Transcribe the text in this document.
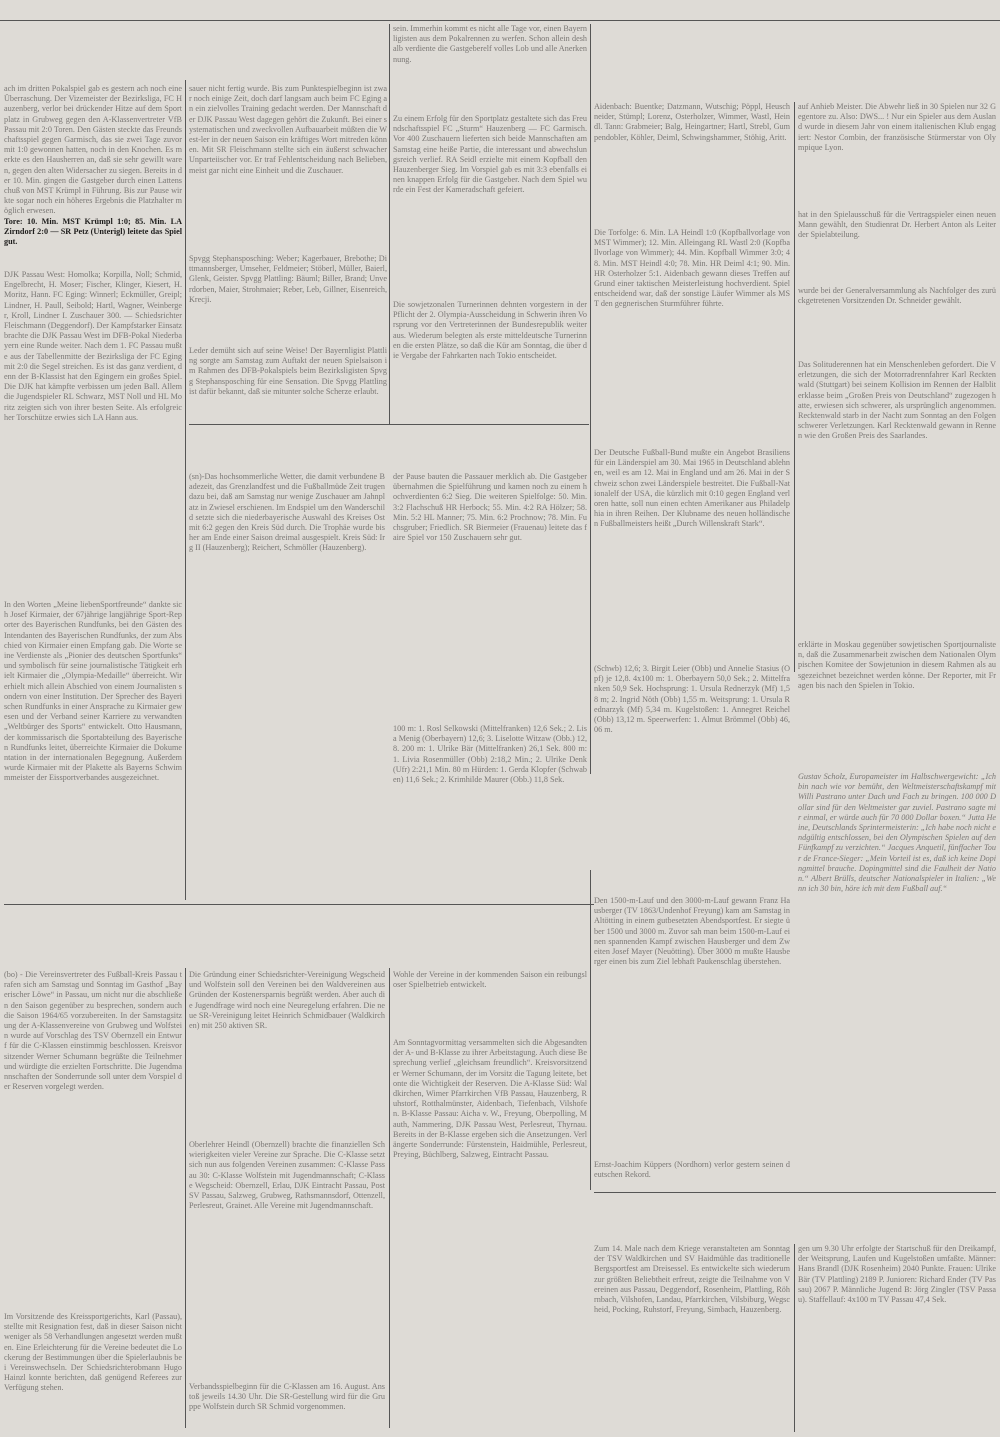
ach im dritten Pokalspiel gab es gestern ach noch eine Überraschung. Der Vizemeister der Bezirksliga, FC Hauzenberg, verlor bei drückender Hitze auf dem Sportplatz in Grubweg gegen den A-Klassenvertreter VfB Passau mit 2:0 Toren. Den Gästen steckte das Freundschaftsspiel gegen Garmisch, das sie zwei Tage zuvor mit 1:0 gewonnen hatten, noch in den Knochen. Es merkte es den Hausherren an, daß sie sehr gewillt waren, gegen den alten Widersacher zu siegen. Bereits in der 10. Min. gingen die Gastgeber durch einen Lattenschuß von MST Krümpl in Führung. Bis zur Pause wirkte sogar noch ein höheres Ergebnis die Platzhalter möglich erwesen.
Tore: 10. Min. MST Krümpl 1:0; 85. Min. LA Zirndorf 2:0 — SR Petz (Unterigl) leitete das Spiel gut.
DJK Passau West: Homolka; Korpilla, Noll; Schmid, Engelbrecht, H. Moser; Fischer, Klinger, Kiesert, H. Moritz, Hann. FC Eging: Winnerl; Eckmüller, Greipl; Lindner, H. Paull, Seibold; Hartl, Wagner, Weinberger, Kroll, Lindner I. Zuschauer 300. — Schiedsrichter Fleischmann (Deggendorf). Der Kampfstarker Einsatz brachte die DJK Passau West im DFB-Pokal Niederbayern eine Runde weiter. Nach dem 1. FC Passau mußte aus der Tabellenmitte der Bezirksliga der FC Eging mit 2:0 die Segel streichen. Es ist das ganz verdient, denn der B-Klassist hat den Egingern ein großes Spiel. Die DJK hat kämpfte verbissen um jeden Ball. Allem die Jugendspieler RL Schwarz, MST Noll und HL Moritz zeigten sich von ihrer besten Seite. Als erfolgreicher Torschütze erwies sich LA Hann aus.
In den Worten „Meine liebenSportfreunde“ dankte sich Josef Kirmaier, der 67jährige langjährige Sport-Reporter des Bayerischen Rundfunks, bei den Gästen des Intendanten des Bayerischen Rundfunks, der zum Abschied von Kirmaier einen Empfang gab. Die Worte seine Verdienste als „Pionier des deutschen Sportfunks“ und symbolisch für seine journalistische Tätigkeit erhielt Kirmaier die „Olympia-Medaille“ überreicht. Wir erhielt mich allein Abschied von einem Journalisten sondern von einer Institution. Der Sprecher des Bayerischen Rundfunks in einer Ansprache zu Kirmaier gewesen und der Verband seiner Karriere zu verwandten „Weltbürger des Sports“ entwickelt. Otto Hausmann, der kommissarisch die Sportabteilung des Bayerischen Rundfunks leitet, überreichte Kirmaier die Dokumentation in der internationalen Begegnung. Außerdem wurde Kirmaier mit der Plakette als Bayerns Schwimmmeister der Eissportverbandes ausgezeichnet.
sauer nicht fertig wurde. Bis zum Punktespielbeginn ist zwar noch einige Zeit, doch darf langsam auch beim FC Eging an ein zielvolles Training gedacht werden. Der Mannschaft der DJK Passau West dagegen gehört die Zukunft. Bei einer systematischen und zweckvollen Aufbauarbeit müßten die West-ler in der neuen Saison ein kräftiges Wort mitreden können. Mit SR Fleischmann stellte sich ein äußerst schwacher Unparteiischer vor. Er traf Fehlentscheidung nach Belieben, meist gar nicht eine Einheit und die Zuschauer.
Spvgg Stephansposching: Weber; Kagerbauer, Brebothe; Dittmannsberger, Umseher, Feldmeier; Stöberl, Müller, Baierl, Glenk, Geister. Spvgg Plattling: Bäuml; Biller, Brand; Unverdorben, Maier, Strohmaier; Reber, Leb, Gillner, Eisenreich, Krecji.
Leder demüht sich auf seine Weise! Der Bayernligist Plattling sorgte am Samstag zum Auftakt der neuen Spielsaison im Rahmen des DFB-Pokalspiels beim Bezirksligisten Spvgg Stephansposching für eine Sensation. Die Spvgg Plattling ist dafür bekannt, daß sie mitunter solche Scherze erlaubt.
sein. Immerhin kommt es nicht alle Tage vor, einen Bayernligisten aus dem Pokalrennen zu werfen. Schon allein deshalb verdiente die Gastgeberelf volles Lob und alle Anerkennung.
Zu einem Erfolg für den Sportplatz gestaltete sich das Freundschaftsspiel FC „Sturm“ Hauzenberg — FC Garmisch. Vor 400 Zuschauern lieferten sich beide Mannschaften am Samstag eine heiße Partie, die interessant und abwechslungsreich verlief. RA Seidl erzielte mit einem Kopfball den Hauzenberger Sieg. Im Vorspiel gab es mit 3:3 ebenfalls einen knappen Erfolg für die Gastgeber. Nach dem Spiel wurde ein Fest der Kameradschaft gefeiert.
Die sowjetzonalen Turnerinnen dehnten vorgestern in der Pflicht der 2. Olympia-Ausscheidung in Schwerin ihren Vorsprung vor den Vertreterinnen der Bundesrepublik weiter aus. Wiederum belegten als erste mitteldeutsche Turnerinnen die ersten Plätze, so daß die Kür am Sonntag, die über die Vergabe der Fahrkarten nach Tokio entscheidet.
Aidenbach: Buentke; Datzmann, Wutschig; Pöppl, Heuschneider, Stümpl; Lorenz, Osterholzer, Wimmer, Wastl, Heindl. Tann: Grabmeier; Balg, Heingartner; Hartl, Strebl, Gumpendobler, Köhler, Deiml, Schwingshammer, Stöhig, Aritt.
Die Torfolge: 6. Min. LA Heindl 1:0 (Kopfballvorlage von MST Wimmer); 12. Min. Alleingang RL Wastl 2:0 (Kopfballvorlage von Wimmer); 44. Min. Kopfball Wimmer 3:0; 48. Min. MST Heindl 4:0; 78. Min. HR Deiml 4:1; 90. Min. HR Osterholzer 5:1. Aidenbach gewann dieses Treffen auf Grund einer taktischen Meisterleistung hochverdient. Spielentscheidend war, daß der sonstige Läufer Wimmer als MST den gegnerischen Sturmführer führte.
Der Deutsche Fußball-Bund mußte ein Angebot Brasiliens für ein Länderspiel am 30. Mai 1965 in Deutschland ablehnen, weil es am 12. Mai in England und am 26. Mai in der Schweiz schon zwei Länderspiele bestreitet. Die Fußball-Nationalelf der USA, die kürzlich mit 0:10 gegen England verloren hatte, soll nun einen echten Amerikaner aus Philadelphia in ihren Reihen. Der Klubname des neuen holländischen Fußballmeisters heißt „Durch Willenskraft Stark“.
auf Anhieb Meister. Die Abwehr ließ in 30 Spielen nur 32 Gegentore zu. Also: DWS... ! Nur ein Spieler aus dem Ausland wurde in diesem Jahr von einem italienischen Klub engagiert: Nestor Combin, der französische Stürmerstar von Olympique Lyon.
hat in den Spielausschuß für die Vertragspieler einen neuen Mann gewählt, den Studienrat Dr. Herbert Anton als Leiter der Spielabteilung.
wurde bei der Generalversammlung als Nachfolger des zurückgetretenen Vorsitzenden Dr. Schneider gewählt.
(sn)-Das hochsommerliche Wetter, die damit verbundene Badezeit, das Grenzlandfest und die Fußballmüde Zeit trugen dazu bei, daß am Samstag nur wenige Zuschauer am Jahnplatz in Zwiesel erschienen. Im Endspiel um den Wanderschild setzte sich die niederbayerische Auswahl des Kreises Ost mit 6:2 gegen den Kreis Süd durch. Die Trophäe wurde bisher am Ende einer Saison dreimal ausgespielt. Kreis Süd: Irg II (Hauzenberg); Reichert, Schmöller (Hauzenberg).
der Pause bauten die Passauer merklich ab. Die Gastgeber übernahmen die Spielführung und kamen noch zu einem hochverdienten 6:2 Sieg. Die weiteren Spielfolge: 50. Min. 3:2 Flachschuß HR Herbock; 55. Min. 4:2 RA Hölzer; 58. Min. 5:2 HL Manner; 75. Min. 6:2 Prochnow; 78. Min. Fuchsgruber; Friedlich. SR Biermeier (Frauenau) leitete das faire Spiel vor 150 Zuschauern sehr gut.
100 m: 1. Rosl Selkowski (Mittelfranken) 12,6 Sek.; 2. Lisa Menig (Oberbayern) 12,6; 3. Liselotte Witzaw (Obb.) 12,8. 200 m: 1. Ulrike Bär (Mittelfranken) 26,1 Sek. 800 m: 1. Livia Rosenmüller (Obb) 2:18,2 Min.; 2. Ulrike Denk (Ufr) 2:21,1 Min. 80 m Hürden: 1. Gerda Klopfer (Schwaben) 11,6 Sek.; 2. Krimhilde Maurer (Obb.) 11,8 Sek.
(Schwb) 12,6; 3. Birgit Leier (Obb) und Annelie Stasius (Opf) je 12,8. 4x100 m: 1. Oberbayern 50,0 Sek.; 2. Mittelfranken 50,9 Sek. Hochsprung: 1. Ursula Rednerzyk (Mf) 1,58 m; 2. Ingrid Nöth (Obb) 1,55 m. Weitsprung: 1. Ursula Rednarzyk (Mf) 5,34 m. Kugelstoßen: 1. Annegret Reichel (Obb) 13,12 m. Speerwerfen: 1. Almut Brömmel (Obb) 46,06 m.
Das Solituderennen hat ein Menschenleben gefordert. Die Verletzungen, die sich der Motorradrennfahrer Karl Recktenwald (Stuttgart) bei seinem Kollision im Rennen der Halbliterklasse beim „Großen Preis von Deutschland“ zugezogen hatte, erwiesen sich schwerer, als ursprünglich angenommen. Recktenwald starb in der Nacht zum Sonntag an den Folgen schwerer Verletzungen. Karl Recktenwald gewann in Rennen wie den Großen Preis des Saarlandes.
erklärte in Moskau gegenüber sowjetischen Sportjournalisten, daß die Zusammenarbeit zwischen dem Nationalen Olympischen Komitee der Sowjetunion in diesem Rahmen als ausgezeichnet bezeichnet werden könne. Der Reporter, mit Fragen bis nach den Spielen in Tokio.
Gustav Scholz, Europameister im Halbschwergewicht: „Ich bin nach wie vor bemüht, den Weltmeisterschaftskampf mit Willi Pastrano unter Dach und Fach zu bringen. 100 000 Dollar sind für den Weltmeister gar zuviel. Pastrano sagte mir einmal, er würde auch für 70 000 Dollar boxen.“ Jutta Heine, Deutschlands Sprintermeisterin: „Ich habe noch nicht endgültig entschlossen, bei den Olympischen Spielen auf den Fünfkampf zu verzichten.“ Jacques Anquetil, fünffacher Tour de France-Sieger: „Mein Vorteil ist es, daß ich keine Dopingmittel brauche. Dopingmittel sind die Faulheit der Nation.“ Albert Brülls, deutscher Nationalspieler in Italien: „Wenn ich 30 bin, höre ich mit dem Fußball auf.“
(bo) - Die Vereinsvertreter des Fußball-Kreis Passau trafen sich am Samstag und Sonntag im Gasthof „Bayerischer Löwe“ in Passau, um nicht nur die abschließen den Saison gegenüber zu besprechen, sondern auch die Saison 1964/65 vorzubereiten. In der Samstagsitzung der A-Klassenvereine von Grubweg und Wolfstein wurde auf Vorschlag des TSV Obernzell ein Entwurf für die C-Klassen einstimmig beschlossen. Kreisvorsitzender Werner Schumann begrüßte die Teilnehmer und würdigte die erzielten Fortschritte. Die Jugendmannschaften der Sonderrunde soll unter dem Vorspiel der Reserven vorgelegt werden.
Im Vorsitzende des Kreissportgerichts, Karl (Passau), stellte mit Resignation fest, daß in dieser Saison nicht weniger als 58 Verhandlungen angesetzt werden mußten. Eine Erleichterung für die Vereine bedeutet die Lockerung der Bestimmungen über die Spielerlaubnis bei Vereinswechseln. Der Schiedsrichterobmann Hugo Hainzl konnte berichten, daß genügend Referees zur Verfügung stehen.
Die Gründung einer Schiedsrichter-Vereinigung Wegscheid und Wolfstein soll den Vereinen bei den Waldvereinen aus Gründen der Kostenersparnis begrüßt werden. Aber auch die Jugendfrage wird noch eine Neuregelung erfahren. Die neue SR-Vereinigung leitet Heinrich Schmidbauer (Waldkirchen) mit 250 aktiven SR.
Oberlehrer Heindl (Obernzell) brachte die finanziellen Schwierigkeiten vieler Vereine zur Sprache. Die C-Klasse setzt sich nun aus folgenden Vereinen zusammen: C-Klasse Passau 30: C-Klasse Wolfstein mit Jugendmannschaft; C-Klasse Wegscheid: Obernzell, Erlau, DJK Eintracht Passau, Post SV Passau, Salzweg, Grubweg, Rathsmannsdorf, Ottenzell, Perlesreut, Grainet. Alle Vereine mit Jugendmannschaft.
Verbandsspielbeginn für die C-Klassen am 16. August. Anstoß jeweils 14.30 Uhr. Die SR-Gestellung wird für die Gruppe Wolfstein durch SR Schmid vorgenommen.
Wohle der Vereine in der kommenden Saison ein reibungsloser Spielbetrieb entwickelt.
Am Sonntagvormittag versammelten sich die Abgesandten der A- und B-Klasse zu ihrer Arbeitstagung. Auch diese Besprechung verlief „gleichsam freundlich“. Kreisvorsitzender Werner Schumann, der im Vorsitz die Tagung leitete, betonte die Wichtigkeit der Reserven. Die A-Klasse Süd: Waldkirchen, Wimer Pfarrkirchen VfB Passau, Hauzenberg, Ruhstorf, Rotthalmünster, Aidenbach, Tiefenbach, Vilshofen. B-Klasse Passau: Aicha v. W., Freyung, Oberpolling, Mauth, Nammering, DJK Passau West, Perlesreut, Thyrnau. Bereits in der B-Klasse ergeben sich die Ansetzungen. Verlängerte Sonderrunde: Fürstenstein, Haidmühle, Perlesreut, Preying, Büchlberg, Salzweg, Eintracht Passau.
Den 1500-m-Lauf und den 3000-m-Lauf gewann Franz Hausberger (TV 1863/Undenhof Freyung) kam am Samstag in Altötting in einem gutbesetzten Abendsportfest. Er siegte über 1500 und 3000 m. Zuvor sah man beim 1500-m-Lauf einen spannenden Kampf zwischen Hausberger und dem Zweiten Josef Mayer (Neuötting). Über 3000 m mußte Hausberger einen bis zum Ziel lebhaft Paukenschlag überstehen.
Ernst-Joachim Küppers (Nordhorn) verlor gestern seinen deutschen Rekord.
Zum 14. Male nach dem Kriege veranstalteten am Sonntag der TSV Waldkirchen und SV Haidmühle das traditionelle Bergsportfest am Dreisessel. Es entwickelte sich wiederum zur größten Beliebtheit erfreut, zeigte die Teilnahme von Vereinen aus Passau, Deggendorf, Rosenheim, Plattling, Röhrnbach, Vilshofen, Landau, Pfarrkirchen, Vilsbiburg, Wegscheid, Pocking, Ruhstorf, Freyung, Simbach, Hauzenberg.
gen um 9.30 Uhr erfolgte der Startschuß für den Dreikampf, der Weitsprung, Laufen und Kugelstoßen umfaßte. Männer: Hans Brandl (DJK Rosenheim) 2040 Punkte. Frauen: Ulrike Bär (TV Plattling) 2189 P. Junioren: Richard Ender (TV Passau) 2067 P. Männliche Jugend B: Jörg Zingler (TSV Passau). Staffellauf: 4x100 m TV Passau 47,4 Sek.
